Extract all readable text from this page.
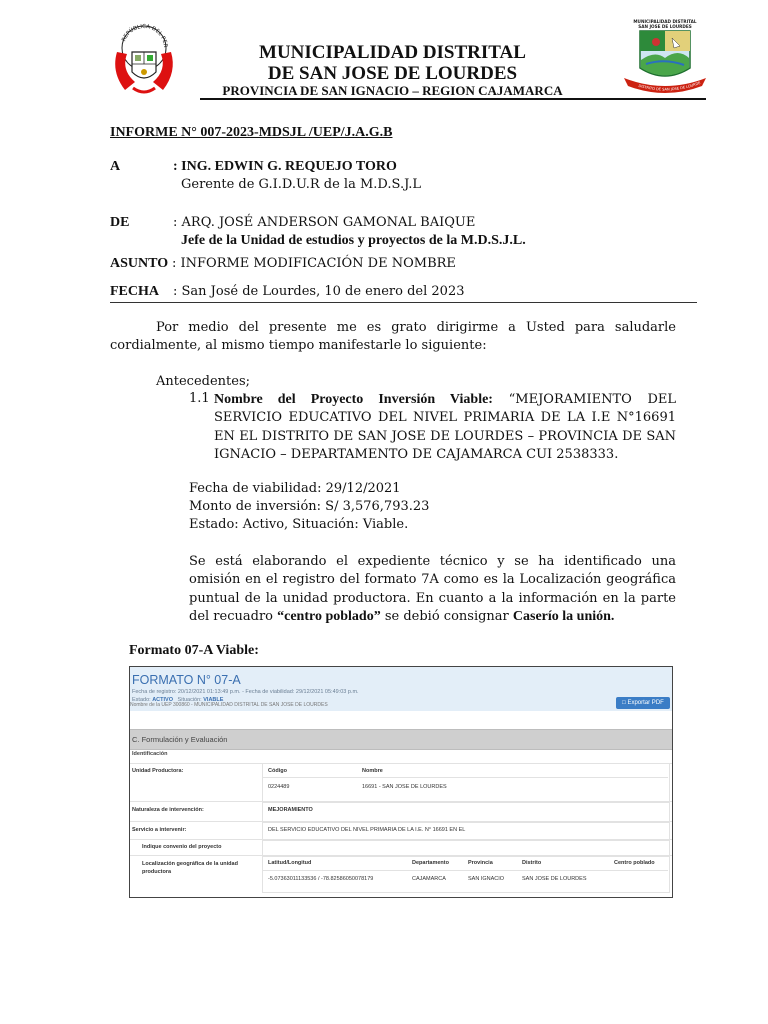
REPÚBLICA DEL PER
MUNICIPALIDAD DISTRITAL
SAN JOSE DE LOURDES
DISTRITO DE SAN JOSE DE LOURDE
MUNICIPALIDAD DISTRITAL
DE SAN JOSE DE LOURDES
PROVINCIA DE SAN IGNACIO – REGION CAJAMARCA
INFORME N° 007-2023-MDSJL /UEP/J.A.G.B
A	: ING. EDWIN G. REQUEJO TORO
Gerente de G.I.D.U.R de la M.D.S.J.L
DE	: ARQ. JOSÉ ANDERSON GAMONAL BAIQUE
Jefe de la Unidad de estudios y proyectos de la M.D.S.J.L.
ASUNTO : INFORME MODIFICACIÓN DE NOMBRE
FECHA : San José de Lourdes, 10 de enero del 2023
Por medio del presente me es grato dirigirme a Usted para saludarle cordialmente, al mismo tiempo manifestarle lo siguiente:
Antecedentes;
1.1 Nombre del Proyecto Inversión Viable: “MEJORAMIENTO DEL SERVICIO EDUCATIVO DEL NIVEL PRIMARIA DE LA I.E N°16691 EN EL DISTRITO DE SAN JOSE DE LOURDES – PROVINCIA DE SAN IGNACIO – DEPARTAMENTO DE CAJAMARCA CUI 2538333.
Fecha de viabilidad: 29/12/2021
Monto de inversión: S/ 3,576,793.23
Estado: Activo, Situación: Viable.
Se está elaborando el expediente técnico y se ha identificado una omisión en el registro del formato 7A como es la Localización geográfica puntual de la unidad productora. En cuanto a la información en la parte del recuadro “centro poblado” se debió consignar Caserío la unión.
Formato 07-A Viable:
FORMATO N° 07-A
Fecha de registro: 20/12/2021 01:13:49 p.m. - Fecha de viabilidad: 29/12/2021 05:49:03 p.m.
Nombre de la UEP 300860 - MUNICIPALIDAD DISTRITAL DE SAN JOSE DE LOURDES
Estado: ACTIVO   Situación: VIABLE	□ Exportar PDF
C. Formulación y Evaluación
Identificación
Unidad Productora:	Código	Nombre
0224489	16691 - SAN JOSE DE LOURDES
Naturaleza de intervención:	MEJORAMIENTO
Servicio a intervenir:	DEL SERVICIO EDUCATIVO DEL NIVEL PRIMARIA DE LA I.E. N° 16691 EN EL
Indique convenio del proyecto
Localización geográfica de la unidad
productora
Latitud/Longitud	Departamento	Provincia	Distrito	Centro poblado
-5.07363011133536 / -78.82586050078179	CAJAMARCA	SAN IGNACIO	SAN JOSE DE LOURDES
